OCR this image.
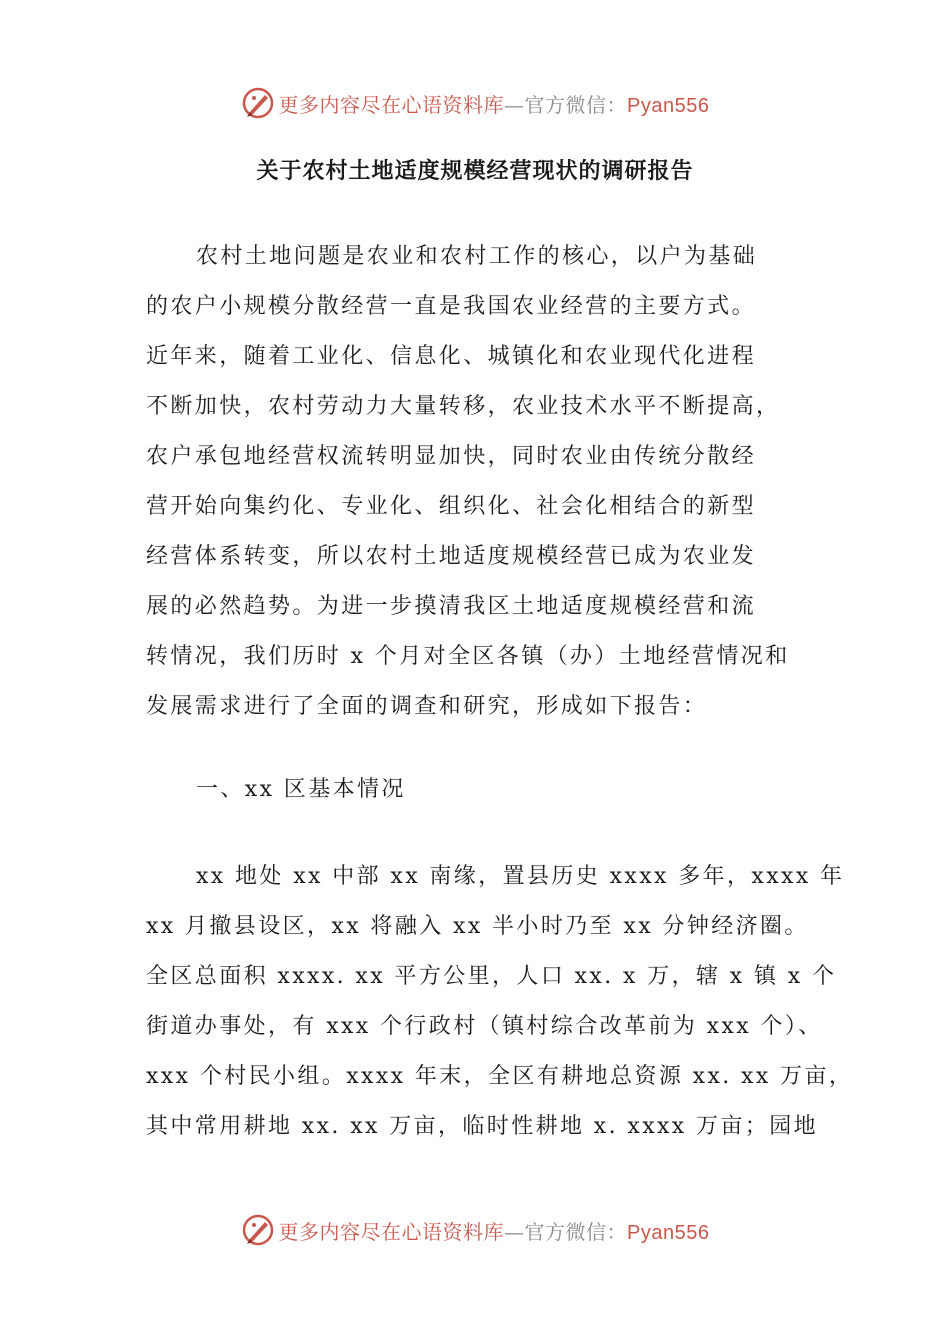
更多内容尽在心语资料库—官方微信：Pyan556
关于农村土地适度规模经营现状的调研报告
农村土地问题是农业和农村工作的核心，以户为基础
的农户小规模分散经营一直是我国农业经营的主要方式。
近年来，随着工业化、信息化、城镇化和农业现代化进程
不断加快，农村劳动力大量转移，农业技术水平不断提高，
农户承包地经营权流转明显加快，同时农业由传统分散经
营开始向集约化、专业化、组织化、社会化相结合的新型
经营体系转变，所以农村土地适度规模经营已成为农业发
展的必然趋势。为进一步摸清我区土地适度规模经营和流
转情况，我们历时 x 个月对全区各镇（办）土地经营情况和
发展需求进行了全面的调查和研究，形成如下报告：
一、xx 区基本情况
xx 地处 xx 中部 xx 南缘，置县历史 xxxx 多年，xxxx 年
xx 月撤县设区，xx 将融入 xx 半小时乃至 xx 分钟经济圈。
全区总面积 xxxx. xx 平方公里，人口 xx. x 万，辖 x 镇 x 个
街道办事处，有 xxx 个行政村（镇村综合改革前为 xxx 个）、
xxx 个村民小组。xxxx 年末，全区有耕地总资源 xx. xx 万亩，
其中常用耕地 xx. xx 万亩，临时性耕地 x. xxxx 万亩；园地
更多内容尽在心语资料库—官方微信：Pyan556
